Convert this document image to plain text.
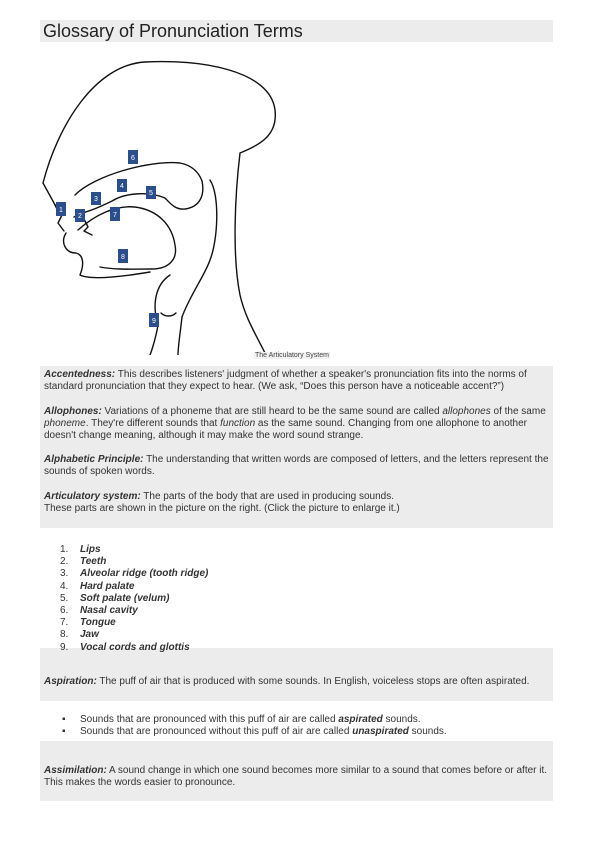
Glossary of Pronunciation Terms
1
2
3
4
5
6
7
8
9
The Articulatory System
Accentedness: This describes listeners' judgment of whether a speaker's pronunciation fits into the norms of standard pronunciation that they expect to hear. (We ask, “Does this person have a noticeable accent?”)
Allophones: Variations of a phoneme that are still heard to be the same sound are called allophones of the same phoneme. They're different sounds that function as the same sound. Changing from one allophone to another doesn't change meaning, although it may make the word sound strange.
Alphabetic Principle: The understanding that written words are composed of letters, and the letters represent the sounds of spoken words.
Articulatory system: The parts of the body that are used in producing sounds.
These parts are shown in the picture on the right. (Click the picture to enlarge it.)
1. Lips
2. Teeth
3. Alveolar ridge (tooth ridge)
4. Hard palate
5. Soft palate (velum)
6. Nasal cavity
7. Tongue
8. Jaw
9. Vocal cords and glottis
Aspiration: The puff of air that is produced with some sounds. In English, voiceless stops are often aspirated.
▪ Sounds that are pronounced with this puff of air are called aspirated sounds.
▪ Sounds that are pronounced without this puff of air are called unaspirated sounds.
Assimilation: A sound change in which one sound becomes more similar to a sound that comes before or after it. This makes the words easier to pronounce.
